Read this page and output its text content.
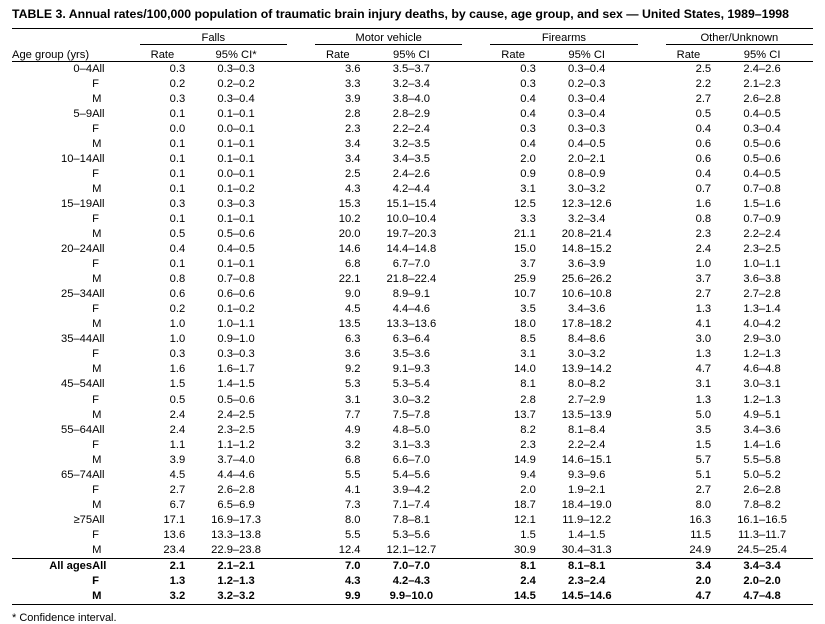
TABLE 3. Annual rates/100,000 population of traumatic brain injury deaths, by cause, age group, and sex — United States, 1989–1998
		Falls			Motor vehicle			Firearms			Other/Unknown	
Age group (yrs)		Rate	95% CI*		Rate	95% CI		Rate	95% CI		Rate	95% CI

0–4	All	0.3	0.3–0.3		3.6	3.5–3.7		0.3	0.3–0.4		2.5	2.4–2.6
	F	0.2	0.2–0.2		3.3	3.2–3.4		0.3	0.2–0.3		2.2	2.1–2.3
	M	0.3	0.3–0.4		3.9	3.8–4.0		0.4	0.3–0.4		2.7	2.6–2.8
5–9	All	0.1	0.1–0.1		2.8	2.8–2.9		0.4	0.3–0.4		0.5	0.4–0.5
	F	0.0	0.0–0.1		2.3	2.2–2.4		0.3	0.3–0.3		0.4	0.3–0.4
	M	0.1	0.1–0.1		3.4	3.2–3.5		0.4	0.4–0.5		0.6	0.5–0.6
10–14	All	0.1	0.1–0.1		3.4	3.4–3.5		2.0	2.0–2.1		0.6	0.5–0.6
	F	0.1	0.0–0.1		2.5	2.4–2.6		0.9	0.8–0.9		0.4	0.4–0.5
	M	0.1	0.1–0.2		4.3	4.2–4.4		3.1	3.0–3.2		0.7	0.7–0.8
15–19	All	0.3	0.3–0.3		15.3	15.1–15.4		12.5	12.3–12.6		1.6	1.5–1.6
	F	0.1	0.1–0.1		10.2	10.0–10.4		3.3	3.2–3.4		0.8	0.7–0.9
	M	0.5	0.5–0.6		20.0	19.7–20.3		21.1	20.8–21.4		2.3	2.2–2.4
20–24	All	0.4	0.4–0.5		14.6	14.4–14.8		15.0	14.8–15.2		2.4	2.3–2.5
	F	0.1	0.1–0.1		6.8	6.7–7.0		3.7	3.6–3.9		1.0	1.0–1.1
	M	0.8	0.7–0.8		22.1	21.8–22.4		25.9	25.6–26.2		3.7	3.6–3.8
25–34	All	0.6	0.6–0.6		9.0	8.9–9.1		10.7	10.6–10.8		2.7	2.7–2.8
	F	0.2	0.1–0.2		4.5	4.4–4.6		3.5	3.4–3.6		1.3	1.3–1.4
	M	1.0	1.0–1.1		13.5	13.3–13.6		18.0	17.8–18.2		4.1	4.0–4.2
35–44	All	1.0	0.9–1.0		6.3	6.3–6.4		8.5	8.4–8.6		3.0	2.9–3.0
	F	0.3	0.3–0.3		3.6	3.5–3.6		3.1	3.0–3.2		1.3	1.2–1.3
	M	1.6	1.6–1.7		9.2	9.1–9.3		14.0	13.9–14.2		4.7	4.6–4.8
45–54	All	1.5	1.4–1.5		5.3	5.3–5.4		8.1	8.0–8.2		3.1	3.0–3.1
	F	0.5	0.5–0.6		3.1	3.0–3.2		2.8	2.7–2.9		1.3	1.2–1.3
	M	2.4	2.4–2.5		7.7	7.5–7.8		13.7	13.5–13.9		5.0	4.9–5.1
55–64	All	2.4	2.3–2.5		4.9	4.8–5.0		8.2	8.1–8.4		3.5	3.4–3.6
	F	1.1	1.1–1.2		3.2	3.1–3.3		2.3	2.2–2.4		1.5	1.4–1.6
	M	3.9	3.7–4.0		6.8	6.6–7.0		14.9	14.6–15.1		5.7	5.5–5.8
65–74	All	4.5	4.4–4.6		5.5	5.4–5.6		9.4	9.3–9.6		5.1	5.0–5.2
	F	2.7	2.6–2.8		4.1	3.9–4.2		2.0	1.9–2.1		2.7	2.6–2.8
	M	6.7	6.5–6.9		7.3	7.1–7.4		18.7	18.4–19.0		8.0	7.8–8.2
≥75	All	17.1	16.9–17.3		8.0	7.8–8.1		12.1	11.9–12.2		16.3	16.1–16.5
	F	13.6	13.3–13.8		5.5	5.3–5.6		1.5	1.4–1.5		11.5	11.3–11.7
	M	23.4	22.9–23.8		12.4	12.1–12.7		30.9	30.4–31.3		24.9	24.5–25.4
All ages	All	2.1	2.1–2.1		7.0	7.0–7.0		8.1	8.1–8.1		3.4	3.4–3.4
	F	1.3	1.2–1.3		4.3	4.2–4.3		2.4	2.3–2.4		2.0	2.0–2.0
	M	3.2	3.2–3.2		9.9	9.9–10.0		14.5	14.5–14.6		4.7	4.7–4.8

* Confidence interval.
